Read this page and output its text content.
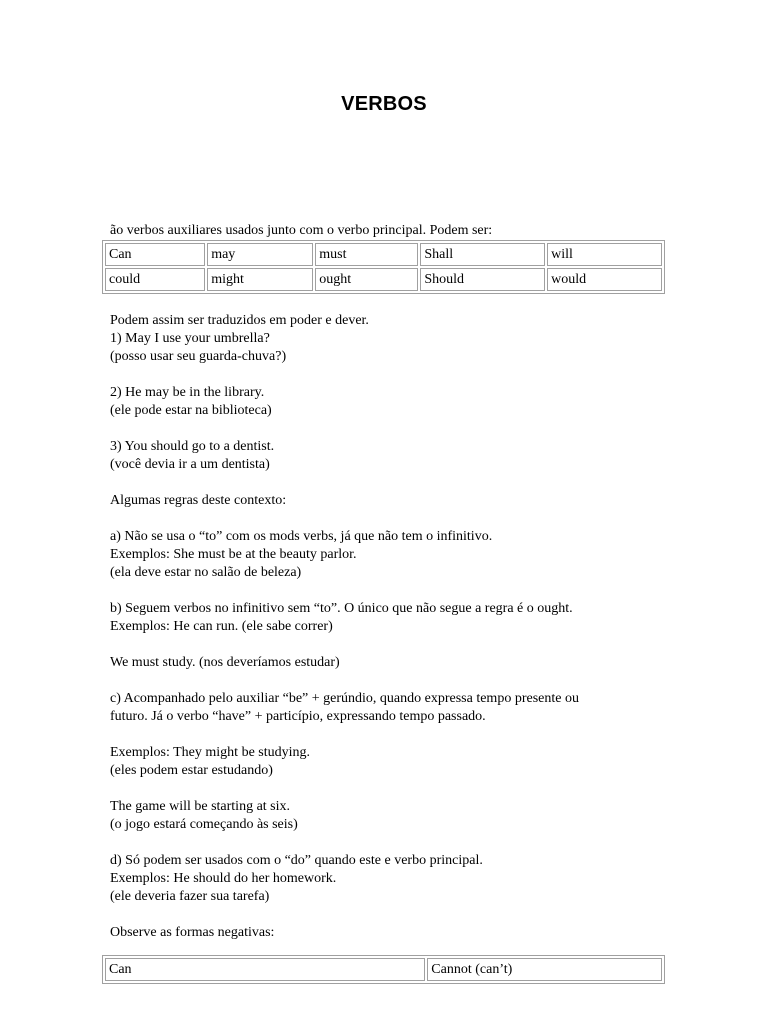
VERBOS
ão verbos auxiliares usados junto com o verbo principal. Podem ser:
Can	may	must	Shall	will
could	might	ought	Should	would

Podem assim ser traduzidos em poder e dever.
1) May I use your umbrella?
(posso usar seu guarda-chuva?)

2) He may be in the library.
(ele pode estar na biblioteca)

3) You should go to a dentist.
(você devia ir a um dentista)

Algumas regras deste contexto:

a) Não se usa o “to” com os mods verbs, já que não tem o infinitivo.
Exemplos: She must be at the beauty parlor.
(ela deve estar no salão de beleza)

b) Seguem verbos no infinitivo sem “to”. O único que não segue a regra é o ought.
Exemplos: He can run. (ele sabe correr)

We must study. (nos deveríamos estudar)

c) Acompanhado pelo auxiliar “be” + gerúndio, quando expressa tempo presente ou
futuro. Já o verbo “have” + particípio, expressando tempo passado.

Exemplos: They might be studying.
(eles podem estar estudando)

The game will be starting at six.
(o jogo estará começando às seis)

d) Só podem ser usados com o “do” quando este e verbo principal.
Exemplos: He should do her homework.
(ele deveria fazer sua tarefa)

Observe as formas negativas:

Can	Cannot (can’t)
